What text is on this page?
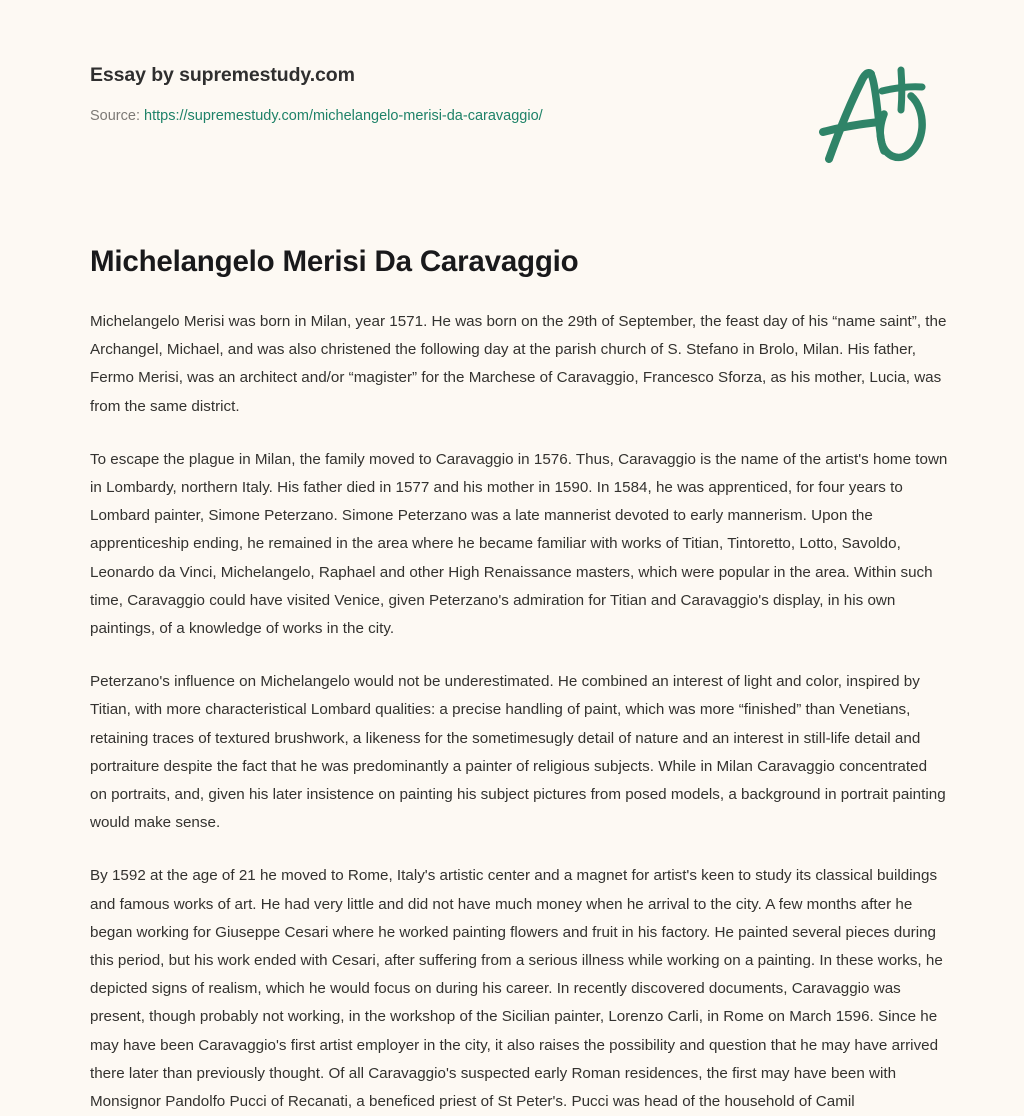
Essay by supremestudy.com

Source: https://supremestudy.com/michelangelo-merisi-da-caravaggio/
Michelangelo Merisi Da Caravaggio

Michelangelo Merisi was born in Milan, year 1571. He was born on the 29th of September, the feast day of his “name saint”, the Archangel, Michael, and was also christened the following day at the parish church of S. Stefano in Brolo, Milan. His father, Fermo Merisi, was an architect and/or “magister” for the Marchese of Caravaggio, Francesco Sforza, as his mother, Lucia, was from the same district.

To escape the plague in Milan, the family moved to Caravaggio in 1576. Thus, Caravaggio is the name of the artist's home town in Lombardy, northern Italy. His father died in 1577 and his mother in 1590. In 1584, he was apprenticed, for four years to Lombard painter, Simone Peterzano. Simone Peterzano was a late mannerist devoted to early mannerism. Upon the apprenticeship ending, he remained in the area where he became familiar with works of Titian, Tintoretto, Lotto, Savoldo, Leonardo da Vinci, Michelangelo, Raphael and other High Renaissance masters, which were popular in the area. Within such time, Caravaggio could have visited Venice, given Peterzano's admiration for Titian and Caravaggio's display, in his own paintings, of a knowledge of works in the city.

Peterzano's influence on Michelangelo would not be underestimated. He combined an interest of light and color, inspired by Titian, with more characteristical Lombard qualities: a precise handling of paint, which was more “finished” than Venetians, retaining traces of textured brushwork, a likeness for the sometimesugly detail of nature and an interest in still-life detail and portraiture despite the fact that he was predominantly a painter of religious subjects. While in Milan Caravaggio concentrated on portraits, and, given his later insistence on painting his subject pictures from posed models, a background in portrait painting would make sense.

By 1592 at the age of 21 he moved to Rome, Italy's artistic center and a magnet for artist's keen to study its classical buildings and famous works of art. He had very little and did not have much money when he arrival to the city. A few months after he began working for Giuseppe Cesari where he worked painting flowers and fruit in his factory. He painted several pieces during this period, but his work ended with Cesari, after suffering from a serious illness while working on a painting. In these works, he depicted signs of realism, which he would focus on during his career. In recently discovered documents, Caravaggio was present, though probably not working, in the workshop of the Sicilian painter, Lorenzo Carli, in Rome on March 1596. Since he may have been Caravaggio's first artist employer in the city, it also raises the possibility and question that he may have arrived there later than previously thought. Of all Caravaggio's suspected early Roman residences, the first may have been with Monsignor Pandolfo Pucci of Recanati, a beneficed priest of St Peter's. Pucci was head of the household of Camil
